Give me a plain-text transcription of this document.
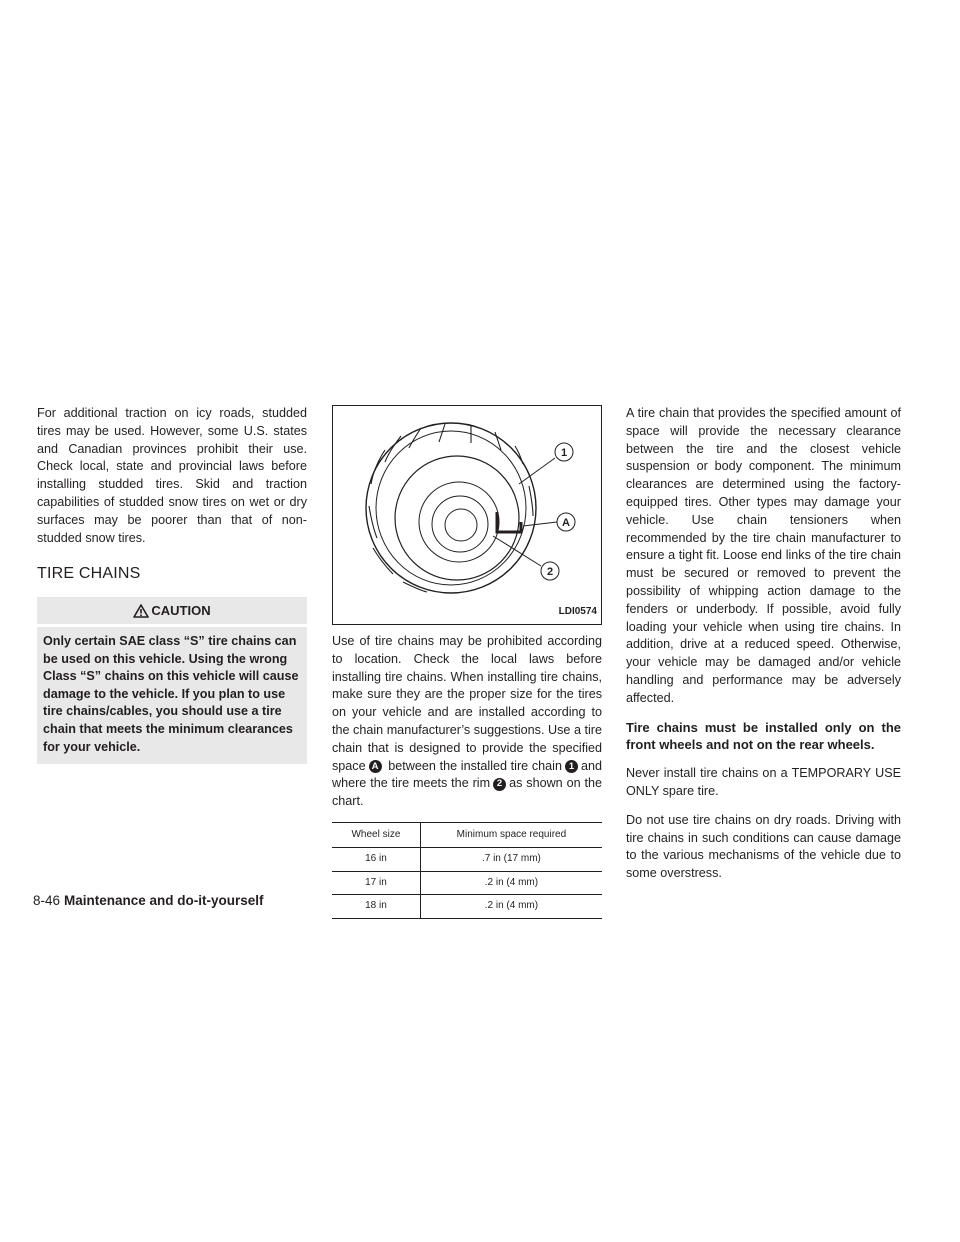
For additional traction on icy roads, studded tires may be used. However, some U.S. states and Canadian provinces prohibit their use. Check local, state and provincial laws before installing studded tires. Skid and traction capabilities of studded snow tires on wet or dry surfaces may be poorer than that of non-studded snow tires.

TIRE CHAINS
CAUTION
Only certain SAE class “S” tire chains can be used on this vehicle. Using the wrong Class “S” chains on this vehicle will cause damage to the vehicle. If you plan to use tire chains/cables, you should use a tire chain that meets the minimum clearances for your vehicle.
1
A
2
LDI0574

Use of tire chains may be prohibited according to location. Check the local laws before installing tire chains. When installing tire chains, make sure they are the proper size for the tires on your vehicle and are installed according to the chain manufacturer’s suggestions. Use a tire chain that is designed to provide the specified space A between the installed tire chain 1 and where the tire meets the rim 2 as shown on the chart.

Wheel size	Minimum space required
16 in	.7 in (17 mm)
17 in	.2 in (4 mm)
18 in	.2 in (4 mm)

A tire chain that provides the specified amount of space will provide the necessary clearance between the tire and the closest vehicle suspension or body component. The minimum clearances are determined using the factory-equipped tires. Other types may damage your vehicle. Use chain tensioners when recommended by the tire chain manufacturer to ensure a tight fit. Loose end links of the tire chain must be secured or removed to prevent the possibility of whipping action damage to the fenders or underbody. If possible, avoid fully loading your vehicle when using tire chains. In addition, drive at a reduced speed. Otherwise, your vehicle may be damaged and/or vehicle handling and performance may be adversely affected.

Tire chains must be installed only on the front wheels and not on the rear wheels.

Never install tire chains on a TEMPORARY USE ONLY spare tire.

Do not use tire chains on dry roads. Driving with tire chains in such conditions can cause damage to the various mechanisms of the vehicle due to some overstress.

8-46 Maintenance and do-it-yourself
